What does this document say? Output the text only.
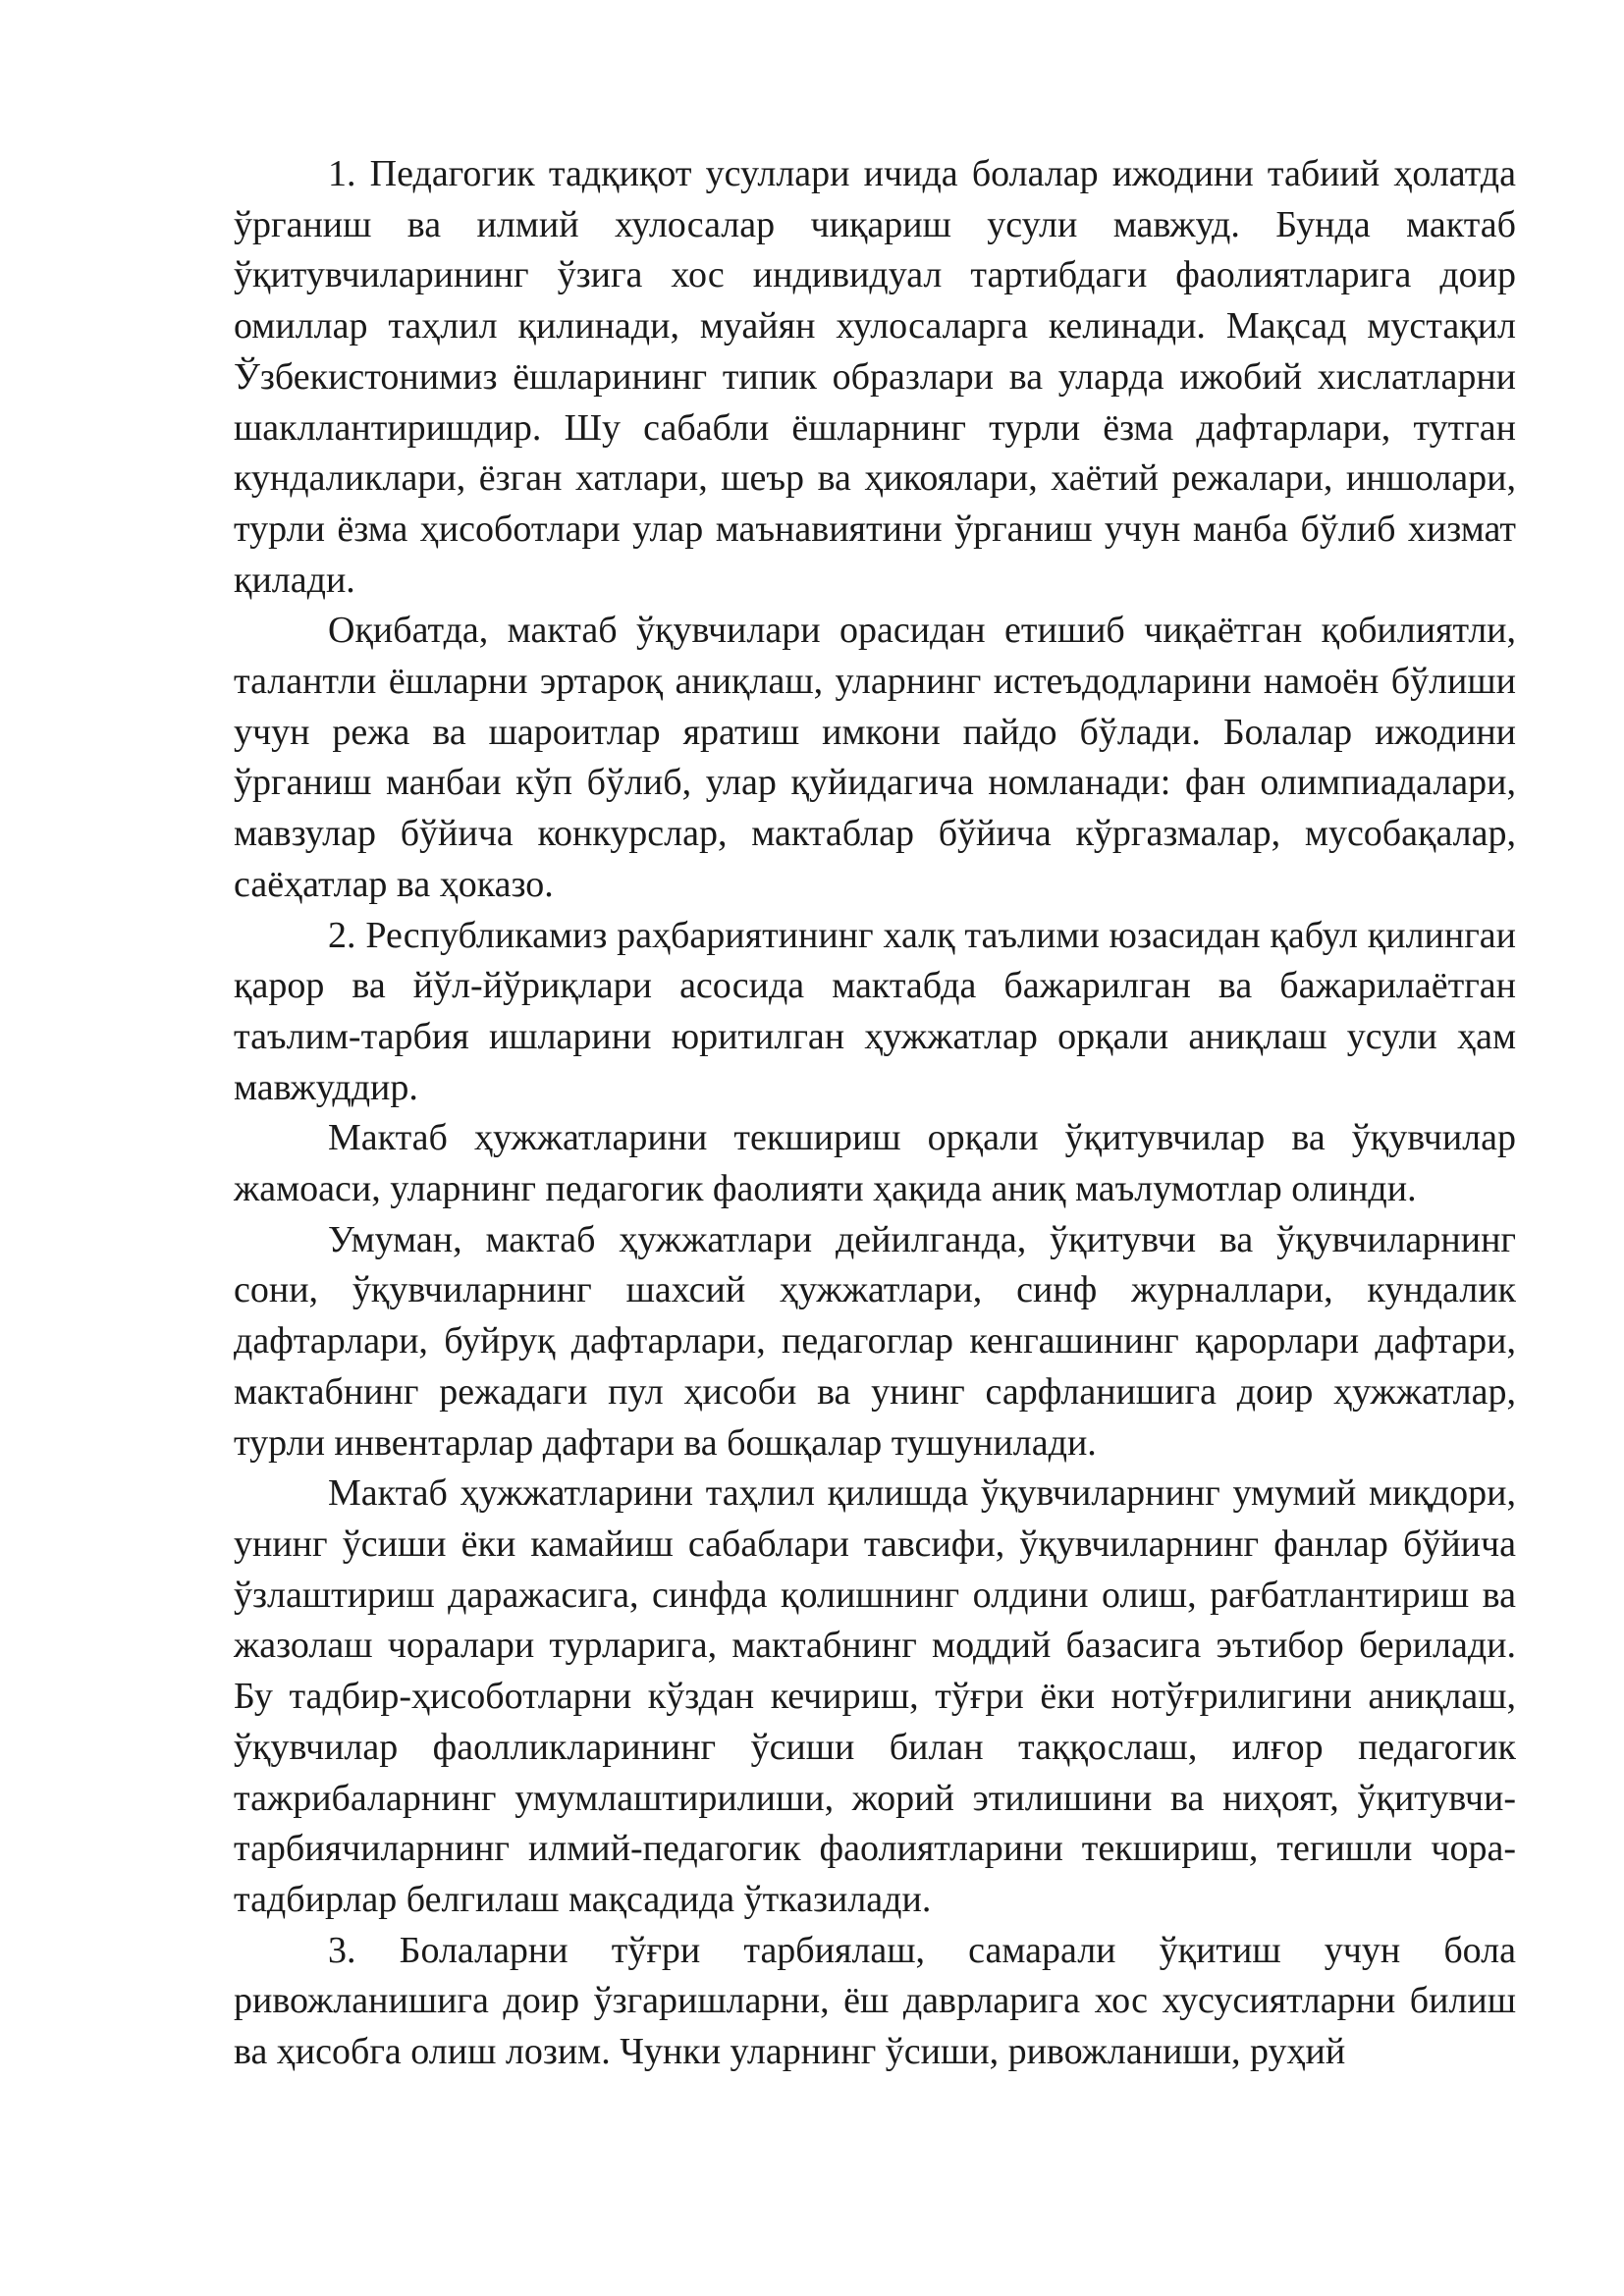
1. Педагогик тадқиқот усуллари ичида болалар ижодини табиий ҳолатда ўрганиш ва илмий хулосалар чиқариш усули мавжуд. Бунда мактаб ўқитувчиларининг ўзига хос индивидуал тартибдаги фаолиятларига доир омиллар таҳлил қилинади, муайян хулосаларга келинади. Мақсад мустақил Ўзбекистонимиз ёшларининг типик образлари ва уларда ижобий хислатларни шакллантиришдир. Шу сабабли ёшларнинг турли ёзма дафтарлари, тутган кундаликлари, ёзган хатлари, шеър ва ҳикоялари, хаётий режалари, иншолари, турли ёзма ҳисоботлари улар маънавиятини ўрганиш учун манба бўлиб хизмат қилади.

Оқибатда, мактаб ўқувчилари орасидан етишиб чиқаётган қобилиятли, талантли ёшларни эртароқ аниқлаш, уларнинг истеъдодларини намоён бўлиши учун режа ва шароитлар яратиш имкони пайдо бўлади. Болалар ижодини ўрганиш манбаи кўп бўлиб, улар қуйидагича номланади: фан олимпиадалари, мавзулар бўйича конкурслар, мактаблар бўйича кўргазмалар, мусобақалар, саёҳатлар ва ҳоказо.

2. Республикамиз раҳбариятининг халқ таълими юзасидан қабул қилингаи қарор ва йўл-йўриқлари асосида мактабда бажарилган ва бажарилаётган таълим-тарбия ишларини юритилган ҳужжатлар орқали аниқлаш усули ҳам мавжуддир.

Мактаб ҳужжатларини текшириш орқали ўқитувчилар ва ўқувчилар жамоаси, уларнинг педагогик фаолияти ҳақида аниқ маълумотлар олинди.

Умуман, мактаб ҳужжатлари дейилганда, ўқитувчи ва ўқувчиларнинг сони, ўқувчиларнинг шахсий ҳужжатлари, синф журналлари, кундалик дафтарлари, буйруқ дафтарлари, педагоглар кенгашининг қарорлари дафтари, мактабнинг режадаги пул ҳисоби ва унинг сарфланишига доир ҳужжатлар, турли инвентарлар дафтари ва бошқалар тушунилади.

Мактаб ҳужжатларини таҳлил қилишда ўқувчиларнинг умумий миқдори, унинг ўсиши ёки камайиш сабаблари тавсифи, ўқувчиларнинг фанлар бўйича ўзлаштириш даражасига, синфда қолишнинг олдини олиш, рағбатлантириш ва жазолаш чоралари турларига, мактабнинг моддий базасига эътибор берилади. Бу тадбир-ҳисоботларни кўздан кечириш, тўғри ёки нотўғрилигини аниқлаш, ўқувчилар фаолликларининг ўсиши билан таққослаш, илғор педагогик тажрибаларнинг умумлаштирилиши, жорий этилишини ва ниҳоят, ўқитувчи-тарбиячиларнинг илмий-педагогик фаолиятларини текшириш, тегишли чора-тадбирлар белгилаш мақсадида ўтказилади.

3. Болаларни тўғри тарбиялаш, самарали ўқитиш учун бола ривожланишига доир ўзгаришларни, ёш даврларига хос хусусиятларни билиш ва ҳисобга олиш лозим. Чунки уларнинг ўсиши, ривожланиши, руҳий
